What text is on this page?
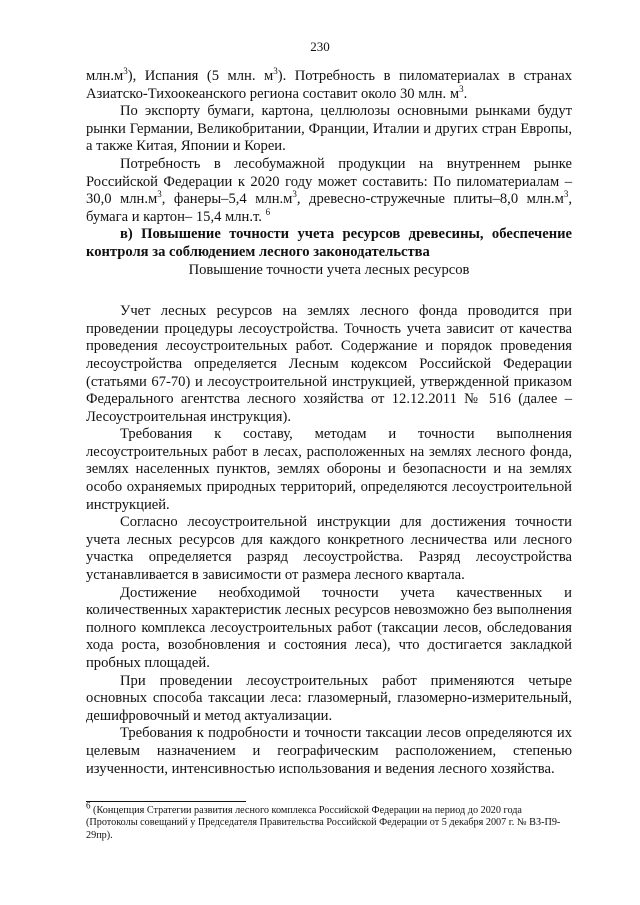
230

$млн.м^3$), Испания (5 млн. $м^3$). Потребность в пиломатериалах в странах Азиатско-Тихоокеанского региона составит около 30 млн. $м^3$.

По экспорту бумаги, картона, целлюлозы основными рынками будут рынки Германии, Великобритании, Франции, Италии и других стран Европы, а также Китая, Японии и Кореи.

Потребность в лесобумажной продукции на внутреннем рынке Российской Федерации к 2020 году может составить: По пиломатериалам – 30,0 $млн.м^3$, фанеры–5,4 $млн.м^3$, древесно-стружечные плиты–8,0 $млн.м^3$, бумага и картон– 15,4 млн.т. $^6$

в) Повышение точности учета ресурсов древесины, обеспечение контроля за соблюдением лесного законодательства

Повышение точности учета лесных ресурсов

Учет лесных ресурсов на землях лесного фонда проводится при проведении процедуры лесоустройства. Точность учета зависит от качества проведения лесоустроительных работ. Содержание и порядок проведения лесоустройства определяется Лесным кодексом Российской Федерации (статьями 67-70) и лесоустроительной инструкцией, утвержденной приказом Федерального агентства лесного хозяйства от 12.12.2011 № 516 (далее – Лесоустроительная инструкция).

Требования к составу, методам и точности выполнения лесоустроительных работ в лесах, расположенных на землях лесного фонда, землях населенных пунктов, землях обороны и безопасности и на землях особо охраняемых природных территорий, определяются лесоустроительной инструкцией.

Согласно лесоустроительной инструкции для достижения точности учета лесных ресурсов для каждого конкретного лесничества или лесного участка определяется разряд лесоустройства. Разряд лесоустройства устанавливается в зависимости от размера лесного квартала.

Достижение необходимой точности учета качественных и количественных характеристик лесных ресурсов невозможно без выполнения полного комплекса лесоустроительных работ (таксации лесов, обследования хода роста, возобновления и состояния леса), что достигается закладкой пробных площадей.

При проведении лесоустроительных работ применяются четыре основных способа таксации леса: глазомерный, глазомерно-измерительный, дешифровочный и метод актуализации.

Требования к подробности и точности таксации лесов определяются их целевым назначением и географическим расположением, степенью изученности, интенсивностью использования и ведения лесного хозяйства.

$^6$ (Концепция Стратегии развития лесного комплекса Российской Федерации на период до 2020 года (Протоколы совещаний у Председателя Правительства Российской Федерации от 5 декабря 2007 г. № ВЗ-П9-29пр).
